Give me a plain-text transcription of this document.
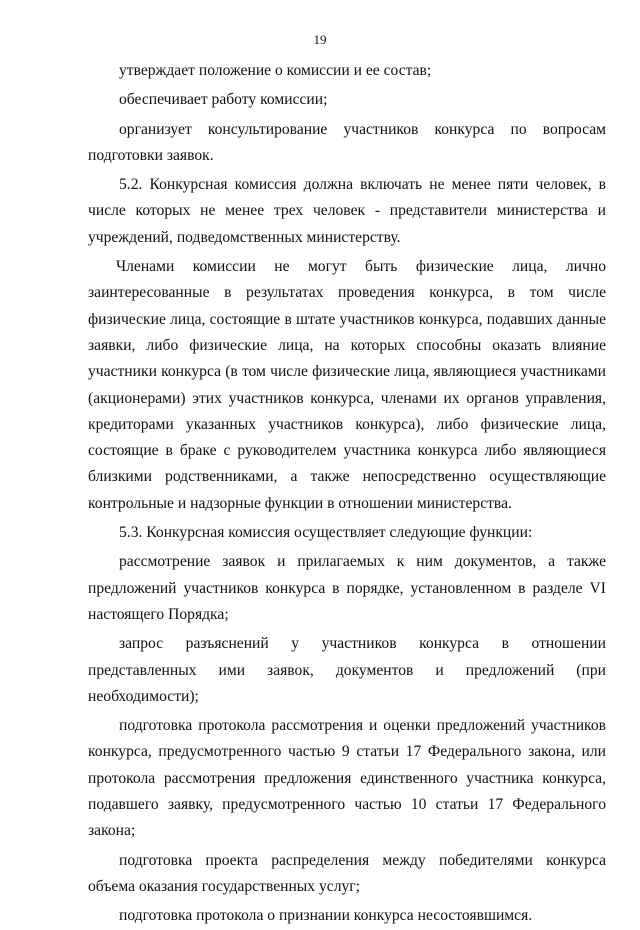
19

утверждает положение о комиссии и ее состав;

обеспечивает работу комиссии;

организует консультирование участников конкурса по вопросам подготовки заявок.

5.2. Конкурсная комиссия должна включать не менее пяти человек, в числе которых не менее трех человек - представители министерства и учреждений, подведомственных министерству.

Членами комиссии не могут быть физические лица, лично заинтересованные в результатах проведения конкурса, в том числе физические лица, состоящие в штате участников конкурса, подавших данные заявки, либо физические лица, на которых способны оказать влияние участники конкурса (в том числе физические лица, являющиеся участниками (акционерами) этих участников конкурса, членами их органов управления, кредиторами указанных участников конкурса), либо физические лица, состоящие в браке с руководителем участника конкурса либо являющиеся близкими родственниками, а также непосредственно осуществляющие контрольные и надзорные функции в отношении министерства.

5.3. Конкурсная комиссия осуществляет следующие функции:

рассмотрение заявок и прилагаемых к ним документов, а также предложений участников конкурса в порядке, установленном в разделе VI настоящего Порядка;

запрос разъяснений у участников конкурса в отношении представленных ими заявок, документов и предложений (при необходимости);

подготовка протокола рассмотрения и оценки предложений участников конкурса, предусмотренного частью 9 статьи 17 Федерального закона, или протокола рассмотрения предложения единственного участника конкурса, подавшего заявку, предусмотренного частью 10 статьи 17 Федерального закона;

подготовка проекта распределения между победителями конкурса объема оказания государственных услуг;

подготовка протокола о признании конкурса несостоявшимся.
